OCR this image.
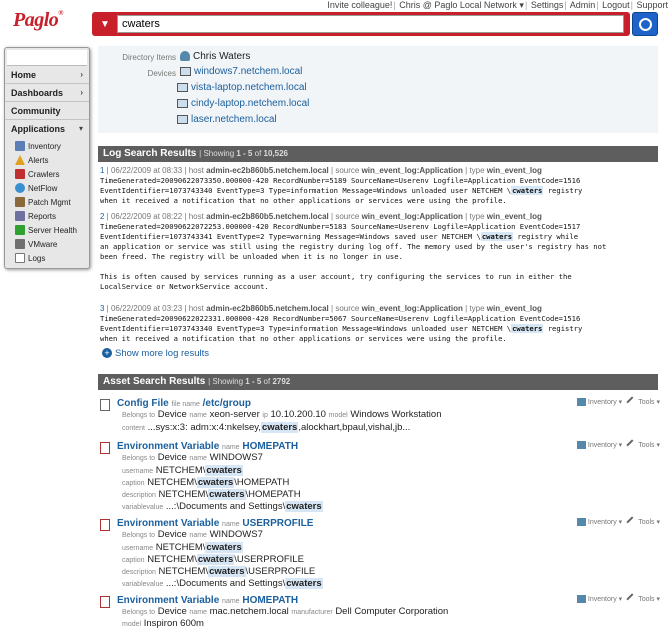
Invite colleague!| Chris @ Paglo Local Network ▾| Settings| Admin| Logout| Support
Paglo®
▼
cwaters
Home	›
Dashboards ›
Community
Applications ▾
Inventory
Alerts
Crawlers
NetFlow
Patch Mgmt
Reports
Server Health
VMware
Logs
Directory Items	Chris Waters
Devices	windows7.netchem.local
vista-laptop.netchem.local
cindy-laptop.netchem.local
laser.netchem.local
Log Search Results | Showing 1 - 5 of 10,526
1 | 06/22/2009 at 08:33 | host admin-ec2b860b5.netchem.local | source win_event_log:Application | type win_event_log
TimeGenerated=20090622073350.000000-420 RecordNumber=5189 SourceName=Userenv Logfile=Application EventCode=1516
EventIdentifier=1073743340 EventType=3 Type=information Message=Windows unloaded user NETCHEM \cwaters registry
when it received a notification that no other applications or services were using the profile.
2 | 06/22/2009 at 08:22 | host admin-ec2b860b5.netchem.local | source win_event_log:Application | type win_event_log
TimeGenerated=20090622072253.000000-420 RecordNumber=5183 SourceName=Userenv Logfile=Application EventCode=1517
EventIdentifier=1073743341 EventType=2 Type=warning Message=Windows saved user NETCHEM \cwaters registry while
an application or service was still using the registry during log off. The memory used by the user's registry has not
been freed. The registry will be unloaded when it is no longer in use.
This is often caused by services running as a user account, try configuring the services to run in either the
LocalService or NetworkService account.
3 | 06/22/2009 at 03:23 | host admin-ec2b860b5.netchem.local | source win_event_log:Application | type win_event_log
TimeGenerated=20090622022331.000000-420 RecordNumber=5067 SourceName=Userenv Logfile=Application EventCode=1516
EventIdentifier=1073743340 EventType=3 Type=information Message=Windows unloaded user NETCHEM \cwaters registry
when it received a notification that no other applications or services were using the profile.
+ Show more log results
Asset Search Results | Showing 1 - 5 of 2792
Config File file name /etc/group	Inventory ▾ Tools ▾
Belongs to Device name xeon-server ip 10.10.200.10 model Windows Workstation
content ...sys:x:3: adm:x:4:nkelsey,cwaters,alockhart,bpaul,vishal,jb...
Environment Variable name HOMEPATH	Inventory ▾ Tools ▾
Belongs to Device name WINDOWS7
username NETCHEM\cwaters
caption NETCHEM\cwaters\HOMEPATH
description NETCHEM\cwaters\HOMEPATH
variablevalue ...:\Documents and Settings\cwaters
Environment Variable name USERPROFILE	Inventory ▾ Tools ▾
Belongs to Device name WINDOWS7
username NETCHEM\cwaters
caption NETCHEM\cwaters\USERPROFILE
description NETCHEM\cwaters\USERPROFILE
variablevalue ...:\Documents and Settings\cwaters
Environment Variable name HOMEPATH	Inventory ▾ Tools ▾
Belongs to Device name mac.netchem.local manufacturer Dell Computer Corporation
model Inspiron 600m
